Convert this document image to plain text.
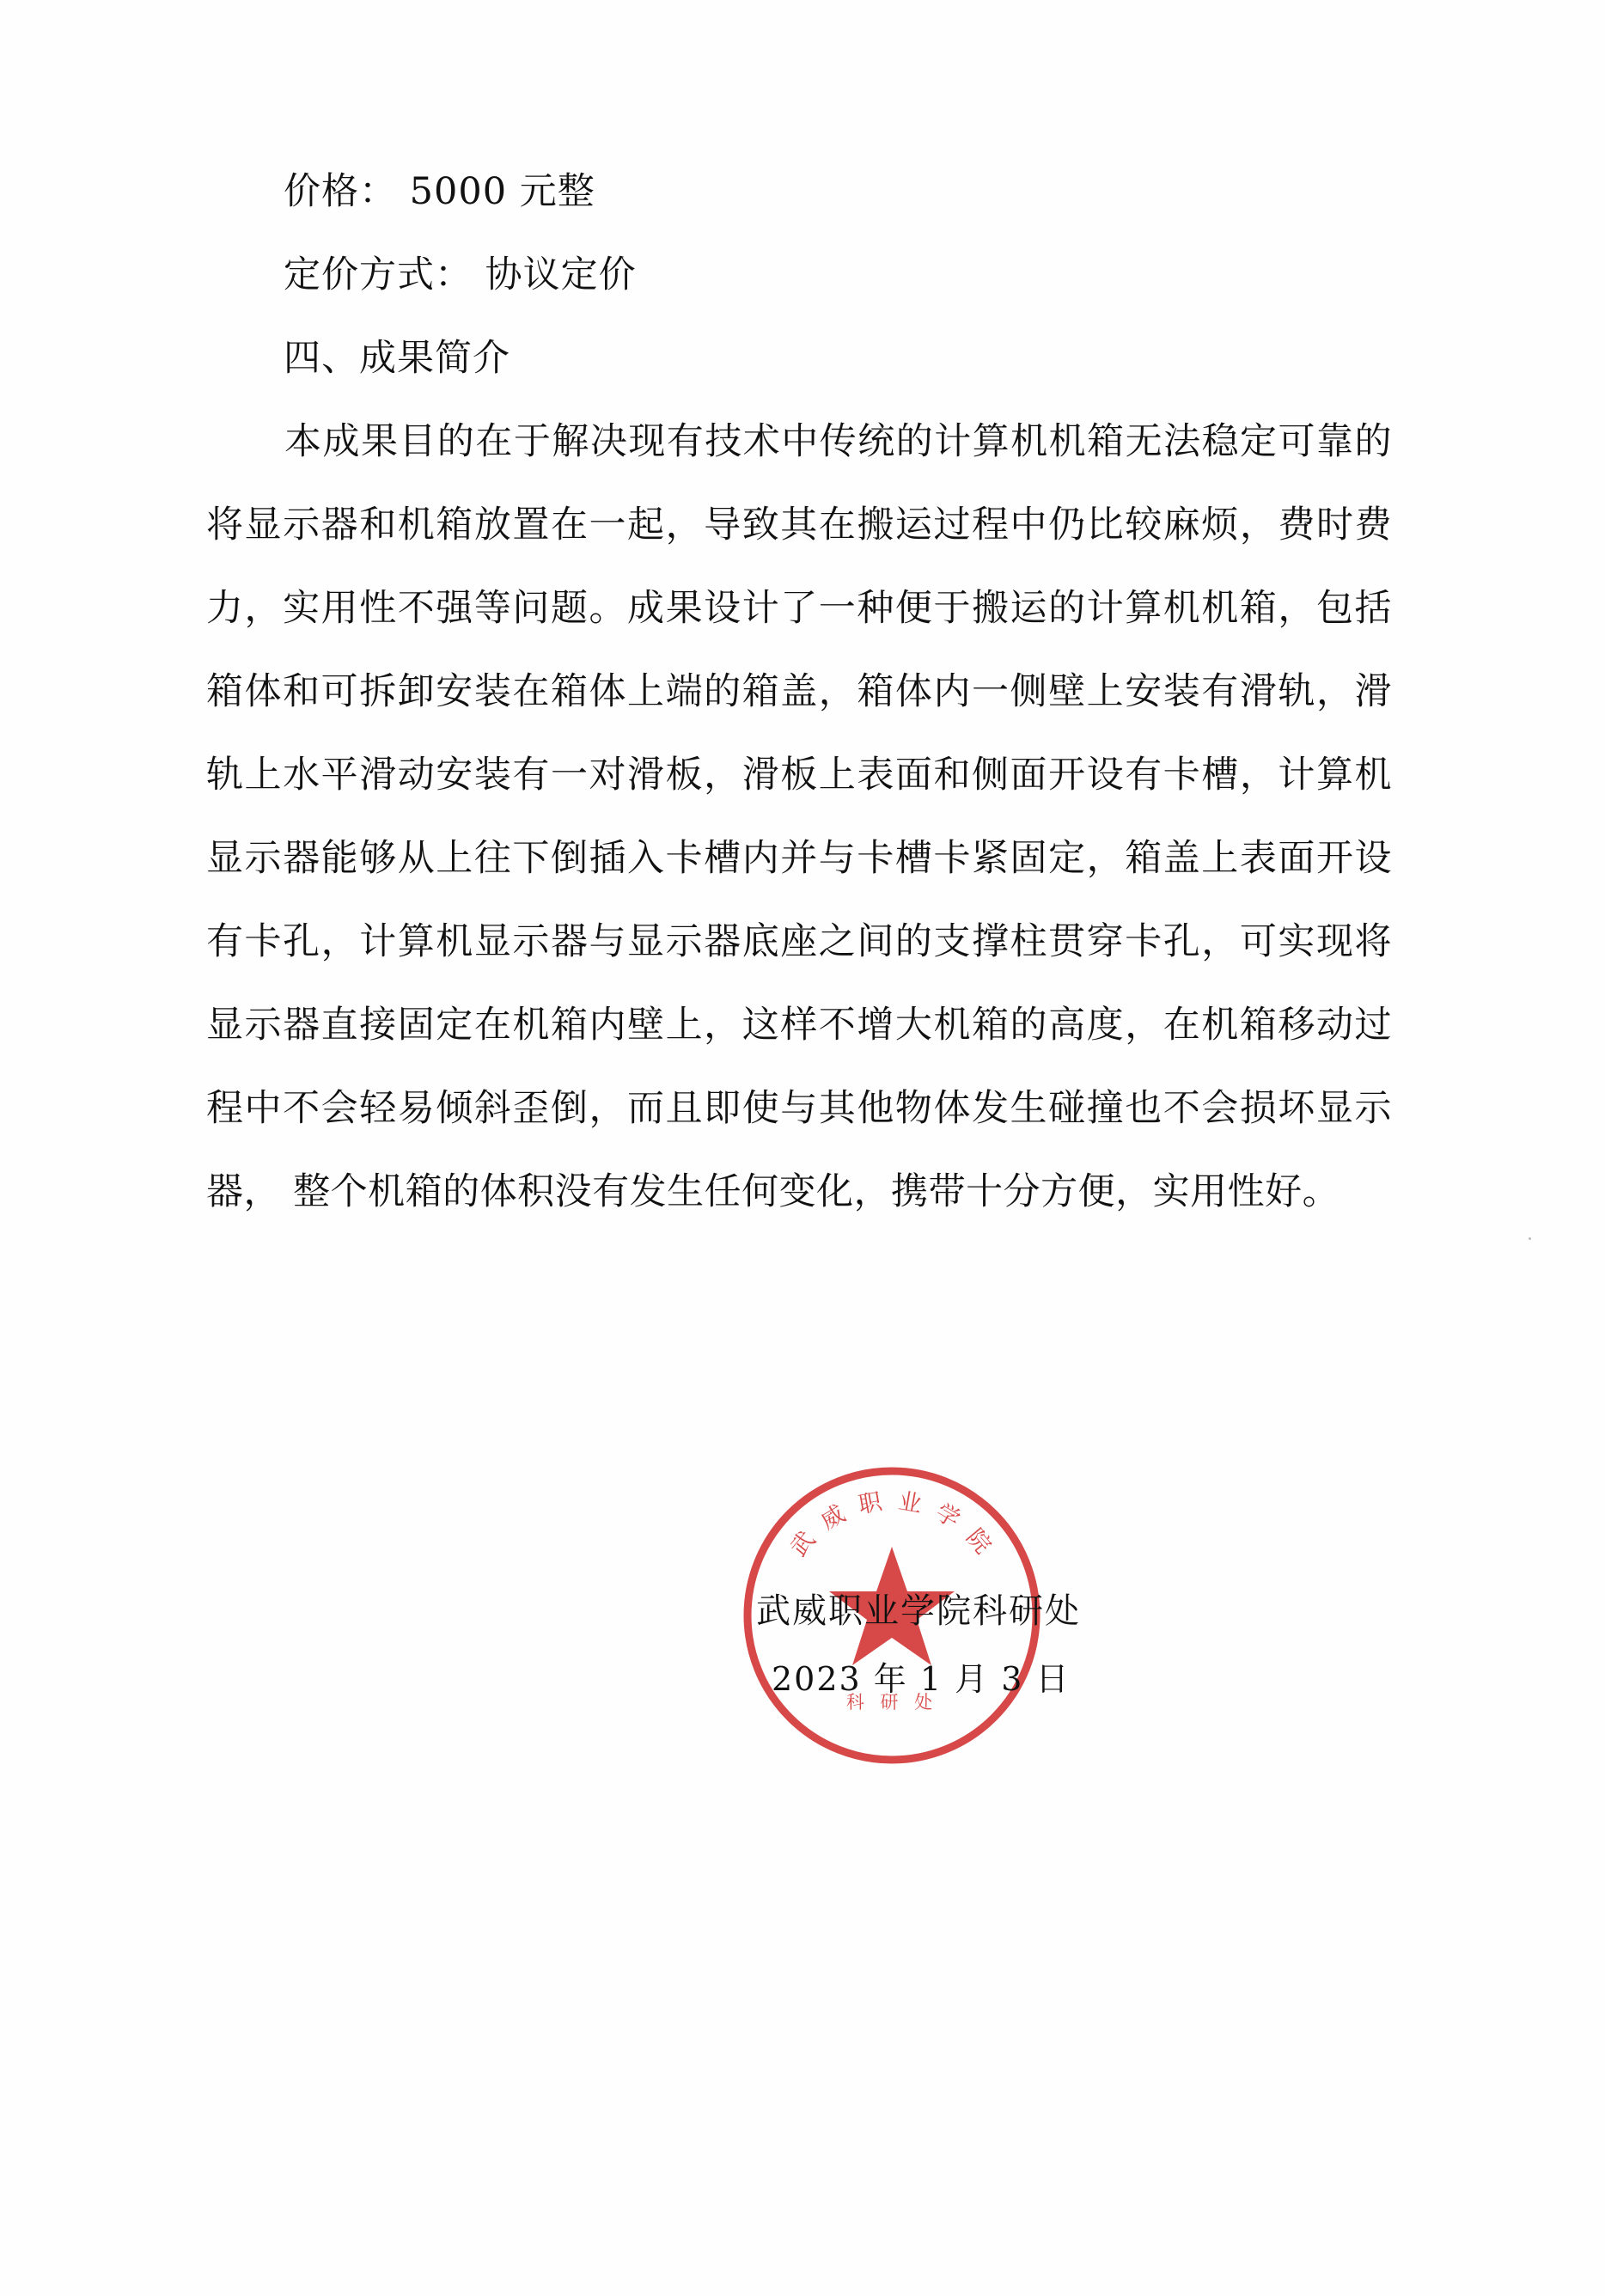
价格： 5000 元整
定价方式： 协议定价
四、成果简介
本成果目的在于解决现有技术中传统的计算机机箱无法稳定可靠的将显示器和机箱放置在一起，导致其在搬运过程中仍比较麻烦，费时费力，实用性不强等问题。成果设计了一种便于搬运的计算机机箱，包括箱体和可拆卸安装在箱体上端的箱盖，箱体内一侧壁上安装有滑轨，滑轨上水平滑动安装有一对滑板，滑板上表面和侧面开设有卡槽，计算机显示器能够从上往下倒插入卡槽内并与卡槽卡紧固定，箱盖上表面开设有卡孔，计算机显示器与显示器底座之间的支撑柱贯穿卡孔，可实现将显示器直接固定在机箱内壁上，这样不增大机箱的高度，在机箱移动过程中不会轻易倾斜歪倒，而且即使与其他物体发生碰撞也不会损坏显示器， 整个机箱的体积没有发生任何变化，携带十分方便，实用性好。
武 威 职 业 学 院
科 研 处
武威职业学院科研处
2023 年 1 月 3 日
